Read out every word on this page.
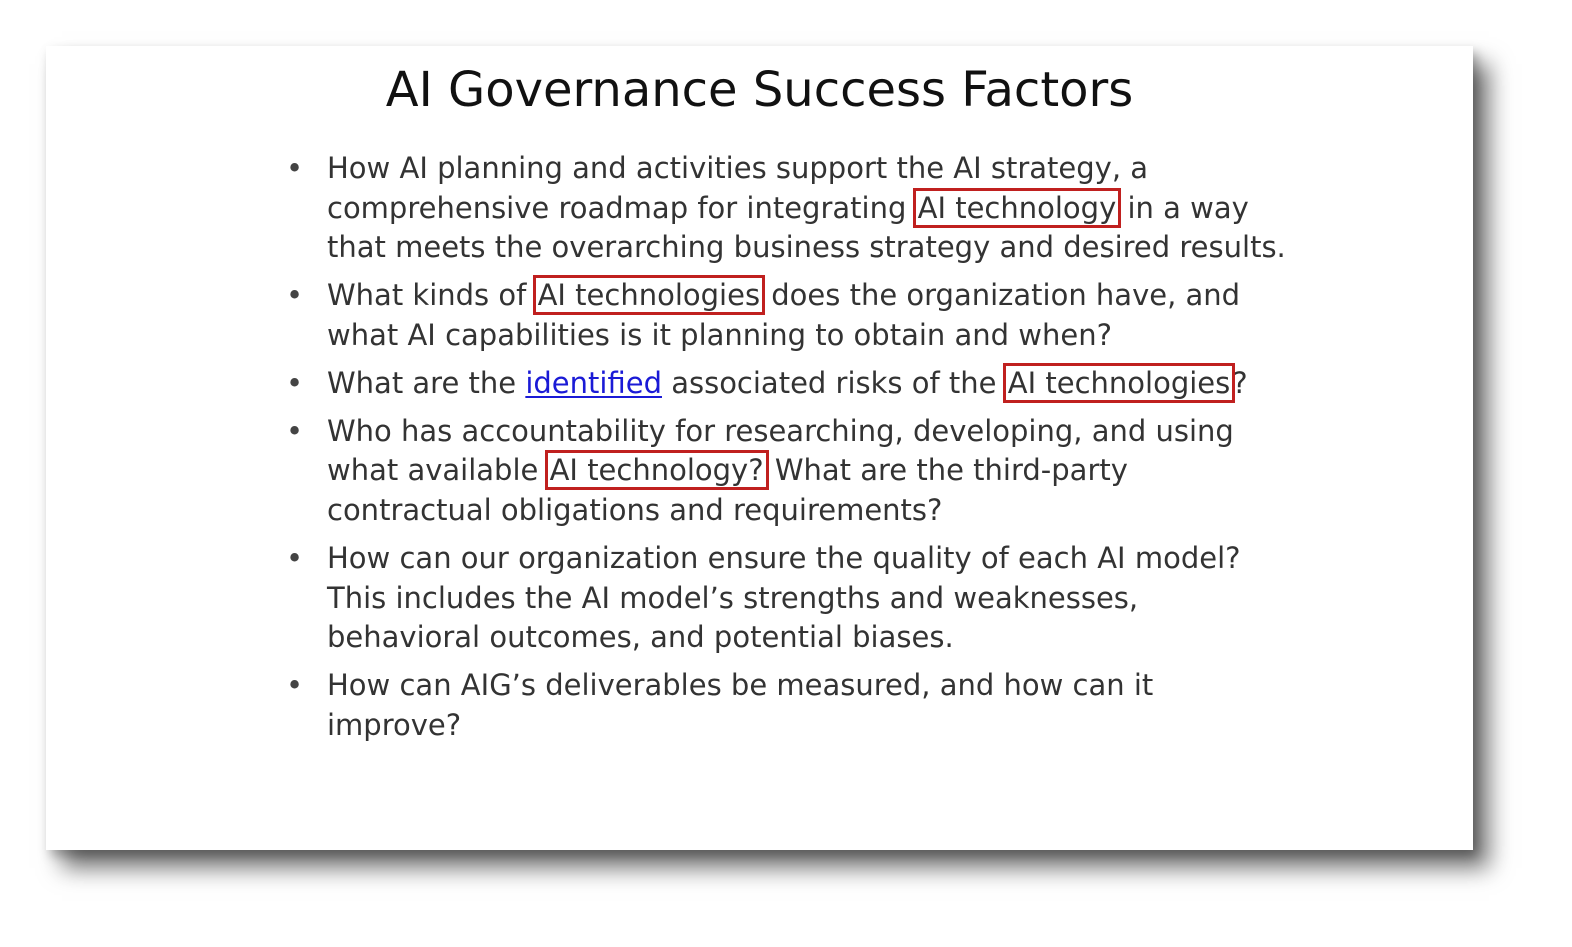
AI Governance Success Factors
• How AI planning and activities support the AI strategy, a comprehensive roadmap for integrating AI technology in a way that meets the overarching business strategy and desired results.
• What kinds of AI technologies does the organization have, and what AI capabilities is it planning to obtain and when?
• What are the identified associated risks of the AI technologies?
• Who has accountability for researching, developing, and using what available AI technology? What are the third-party contractual obligations and requirements?
• How can our organization ensure the quality of each AI model? This includes the AI model’s strengths and weaknesses, behavioral outcomes, and potential biases.
• How can AIG’s deliverables be measured, and how can it improve?
